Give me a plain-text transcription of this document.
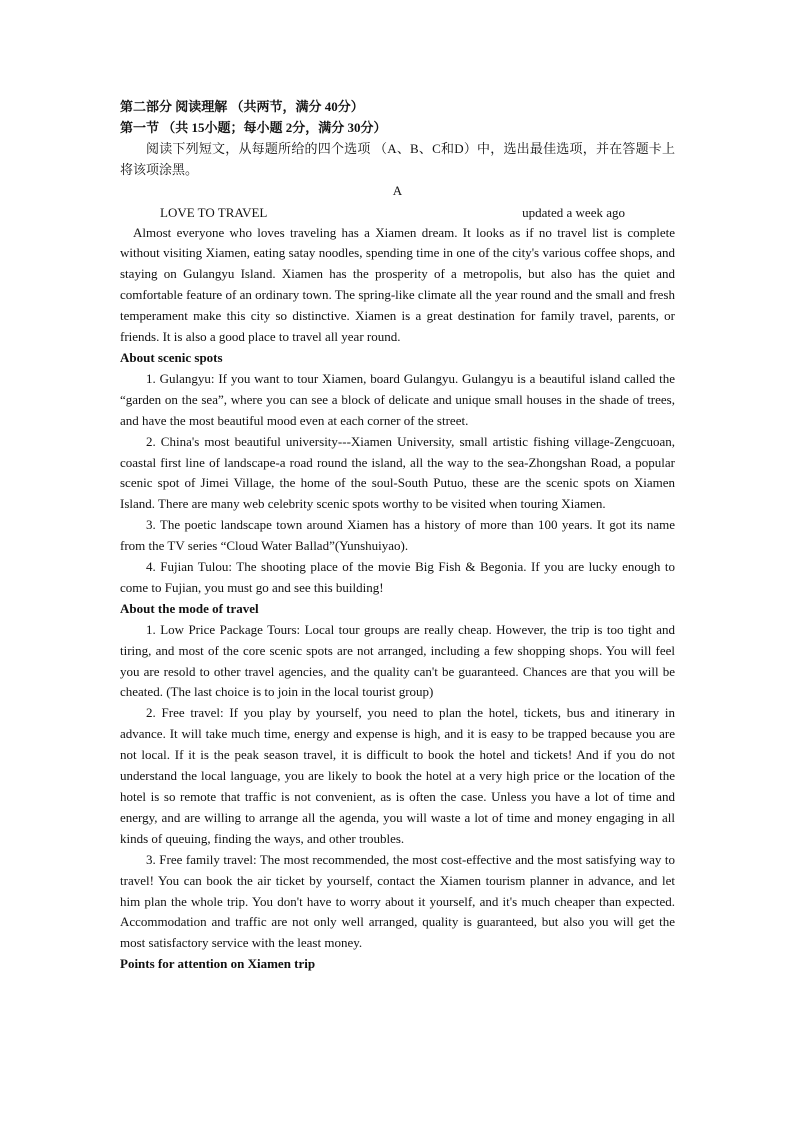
第二部分 阅读理解 （共两节，满分 40分）

第一节 （共 15小题；每小题 2分，满分 30分）

阅读下列短文，从每题所给的四个选项 （A、B、C和D）中，选出最佳选项，并在答题卡上将该项涂黑。

A

LOVE TO TRAVEL	updated a week ago

Almost everyone who loves traveling has a Xiamen dream. It looks as if no travel list is complete without visiting Xiamen, eating satay noodles, spending time in one of the city's various coffee shops, and staying on Gulangyu Island. Xiamen has the prosperity of a metropolis, but also has the quiet and comfortable feature of an ordinary town. The spring-like climate all the year round and the small and fresh temperament make this city so distinctive. Xiamen is a great destination for family travel, parents, or friends. It is also a good place to travel all year round.

About scenic spots

1. Gulangyu: If you want to tour Xiamen, board Gulangyu. Gulangyu is a beautiful island called the “garden on the sea”, where you can see a block of delicate and unique small houses in the shade of trees, and have the most beautiful mood even at each corner of the street.

2. China's most beautiful university---Xiamen University, small artistic fishing village-Zengcuoan, coastal first line of landscape-a road round the island, all the way to the sea-Zhongshan Road, a popular scenic spot of Jimei Village, the home of the soul-South Putuo, these are the scenic spots on Xiamen Island. There are many web celebrity scenic spots worthy to be visited when touring Xiamen.

3. The poetic landscape town around Xiamen has a history of more than 100 years. It got its name from the TV series “Cloud Water Ballad”(Yunshuiyao).

4. Fujian Tulou: The shooting place of the movie Big Fish & Begonia. If you are lucky enough to come to Fujian, you must go and see this building!

About the mode of travel

1. Low Price Package Tours: Local tour groups are really cheap. However, the trip is too tight and tiring, and most of the core scenic spots are not arranged, including a few shopping shops. You will feel you are resold to other travel agencies, and the quality can't be guaranteed. Chances are that you will be cheated. (The last choice is to join in the local tourist group)

2. Free travel: If you play by yourself, you need to plan the hotel, tickets, bus and itinerary in advance. It will take much time, energy and expense is high, and it is easy to be trapped because you are not local. If it is the peak season travel, it is difficult to book the hotel and tickets! And if you do not understand the local language, you are likely to book the hotel at a very high price or the location of the hotel is so remote that traffic is not convenient, as is often the case. Unless you have a lot of time and energy, and are willing to arrange all the agenda, you will waste a lot of time and money engaging in all kinds of queuing, finding the ways, and other troubles.

3. Free family travel: The most recommended, the most cost-effective and the most satisfying way to travel! You can book the air ticket by yourself, contact the Xiamen tourism planner in advance, and let him plan the whole trip. You don't have to worry about it yourself, and it's much cheaper than expected. Accommodation and traffic are not only well arranged, quality is guaranteed, but also you will get the most satisfactory service with the least money.

Points for attention on Xiamen trip
